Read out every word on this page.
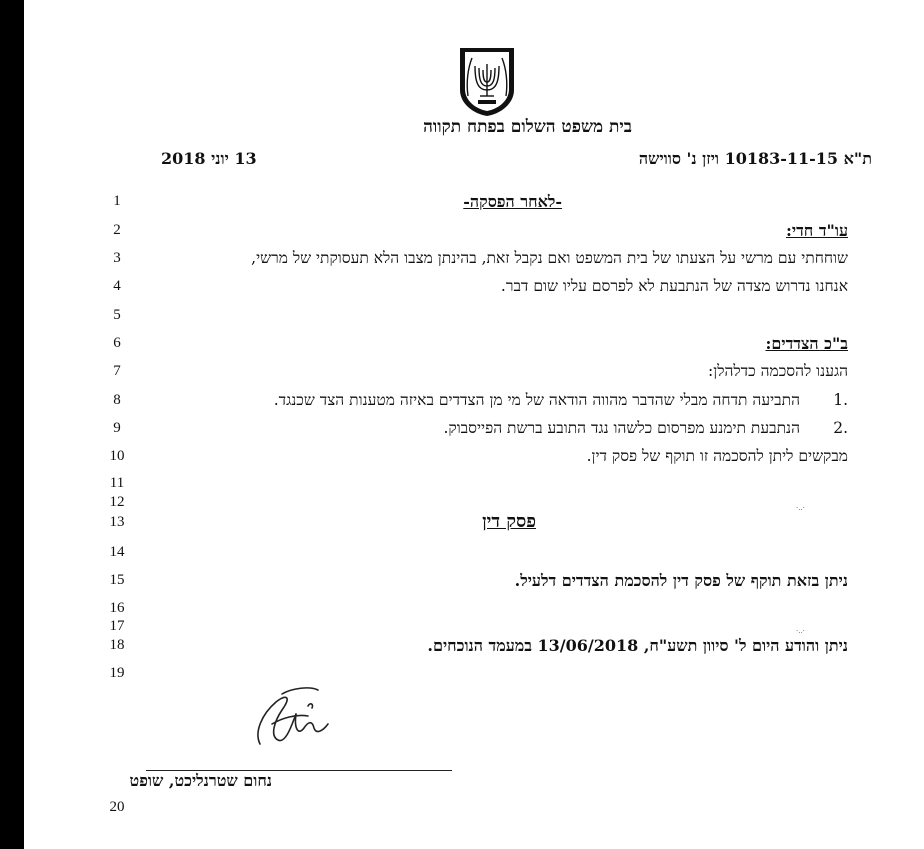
בית משפט השלום בפתח תקווה
ת"א 10183-11-15 ויזן נ' סווישה
13 יוני 2018
1
2
3
4
5
6
7
8
9
10
11
12
13
14
15
16
17
18
19
20
-לאחר הפסקה-
עו"ד חדי:
שוחחתי עם מרשי על הצעתו של בית המשפט ואם נקבל זאת, בהינתן מצבו הלא תעסוקתי של מרשי,
אנחנו נדרוש מצדה של הנתבעת לא לפרסם עליו שום דבר.
ב"כ הצדדים:
הגענו להסכמה כדלהלן:
1.
התביעה תדחה מבלי שהדבר מהווה הודאה של מי מן הצדדים באיזה מטענות הצד שכנגד.
2.
הנתבעת תימנע מפרסום כלשהו נגד התובע ברשת הפייסבוק.
מבקשים ליתן להסכמה זו תוקף של פסק דין.
·..·
פסק דין
ניתן בזאת תוקף של פסק דין להסכמת הצדדים דלעיל.
·..·
ניתן והודע היום ל' סיוון תשע"ח, 13/06/2018 במעמד הנוכחים.
נחום שטרנליכט, שופט
